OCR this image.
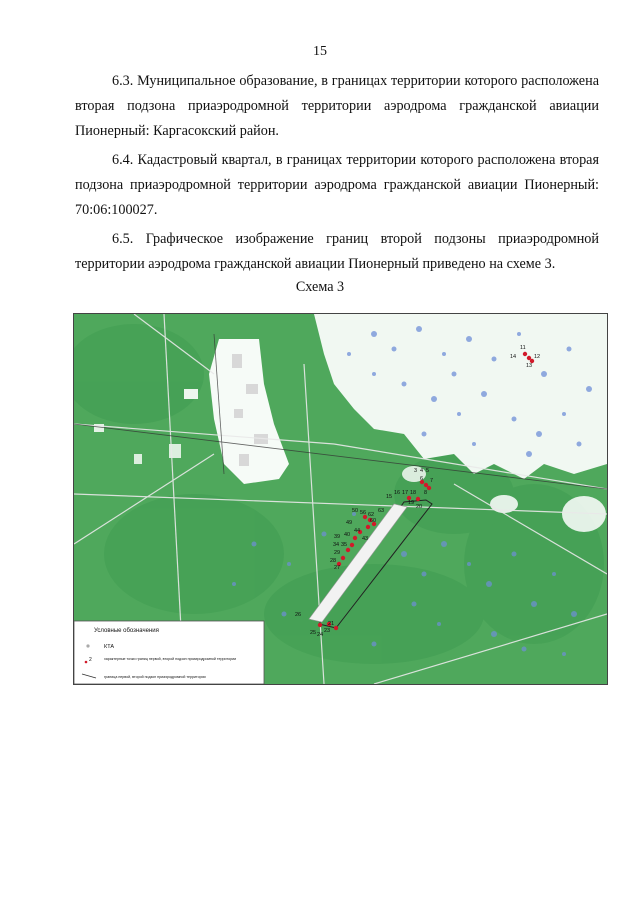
15

6.3. Муниципальное образование, в границах территории которого расположена вторая подзона приаэродромной территории аэродрома гражданской авиации Пионерный: Каргасокский район.

6.4. Кадастровый квартал, в границах территории которого расположена вторая подзона приаэродромной территории аэродрома гражданской авиации Пионерный: 70:06:100027.

6.5. Графическое изображение границ второй подзоны приаэродромной территории аэродрома гражданской авиации Пионерный приведено на схеме 3.

Схема 3
11
14	12
13
3 4 5
6 7
8
15
16 17 18
19
20
50 56 62
63
60
49
44
43
39 40
34 35
29
28
27
26
25 24
23
21
Условные обозначения
КТА
2	характерные точки границ первой, второй подзон приаэродромной территории
граница первой, второй подзон приаэродромной территории
